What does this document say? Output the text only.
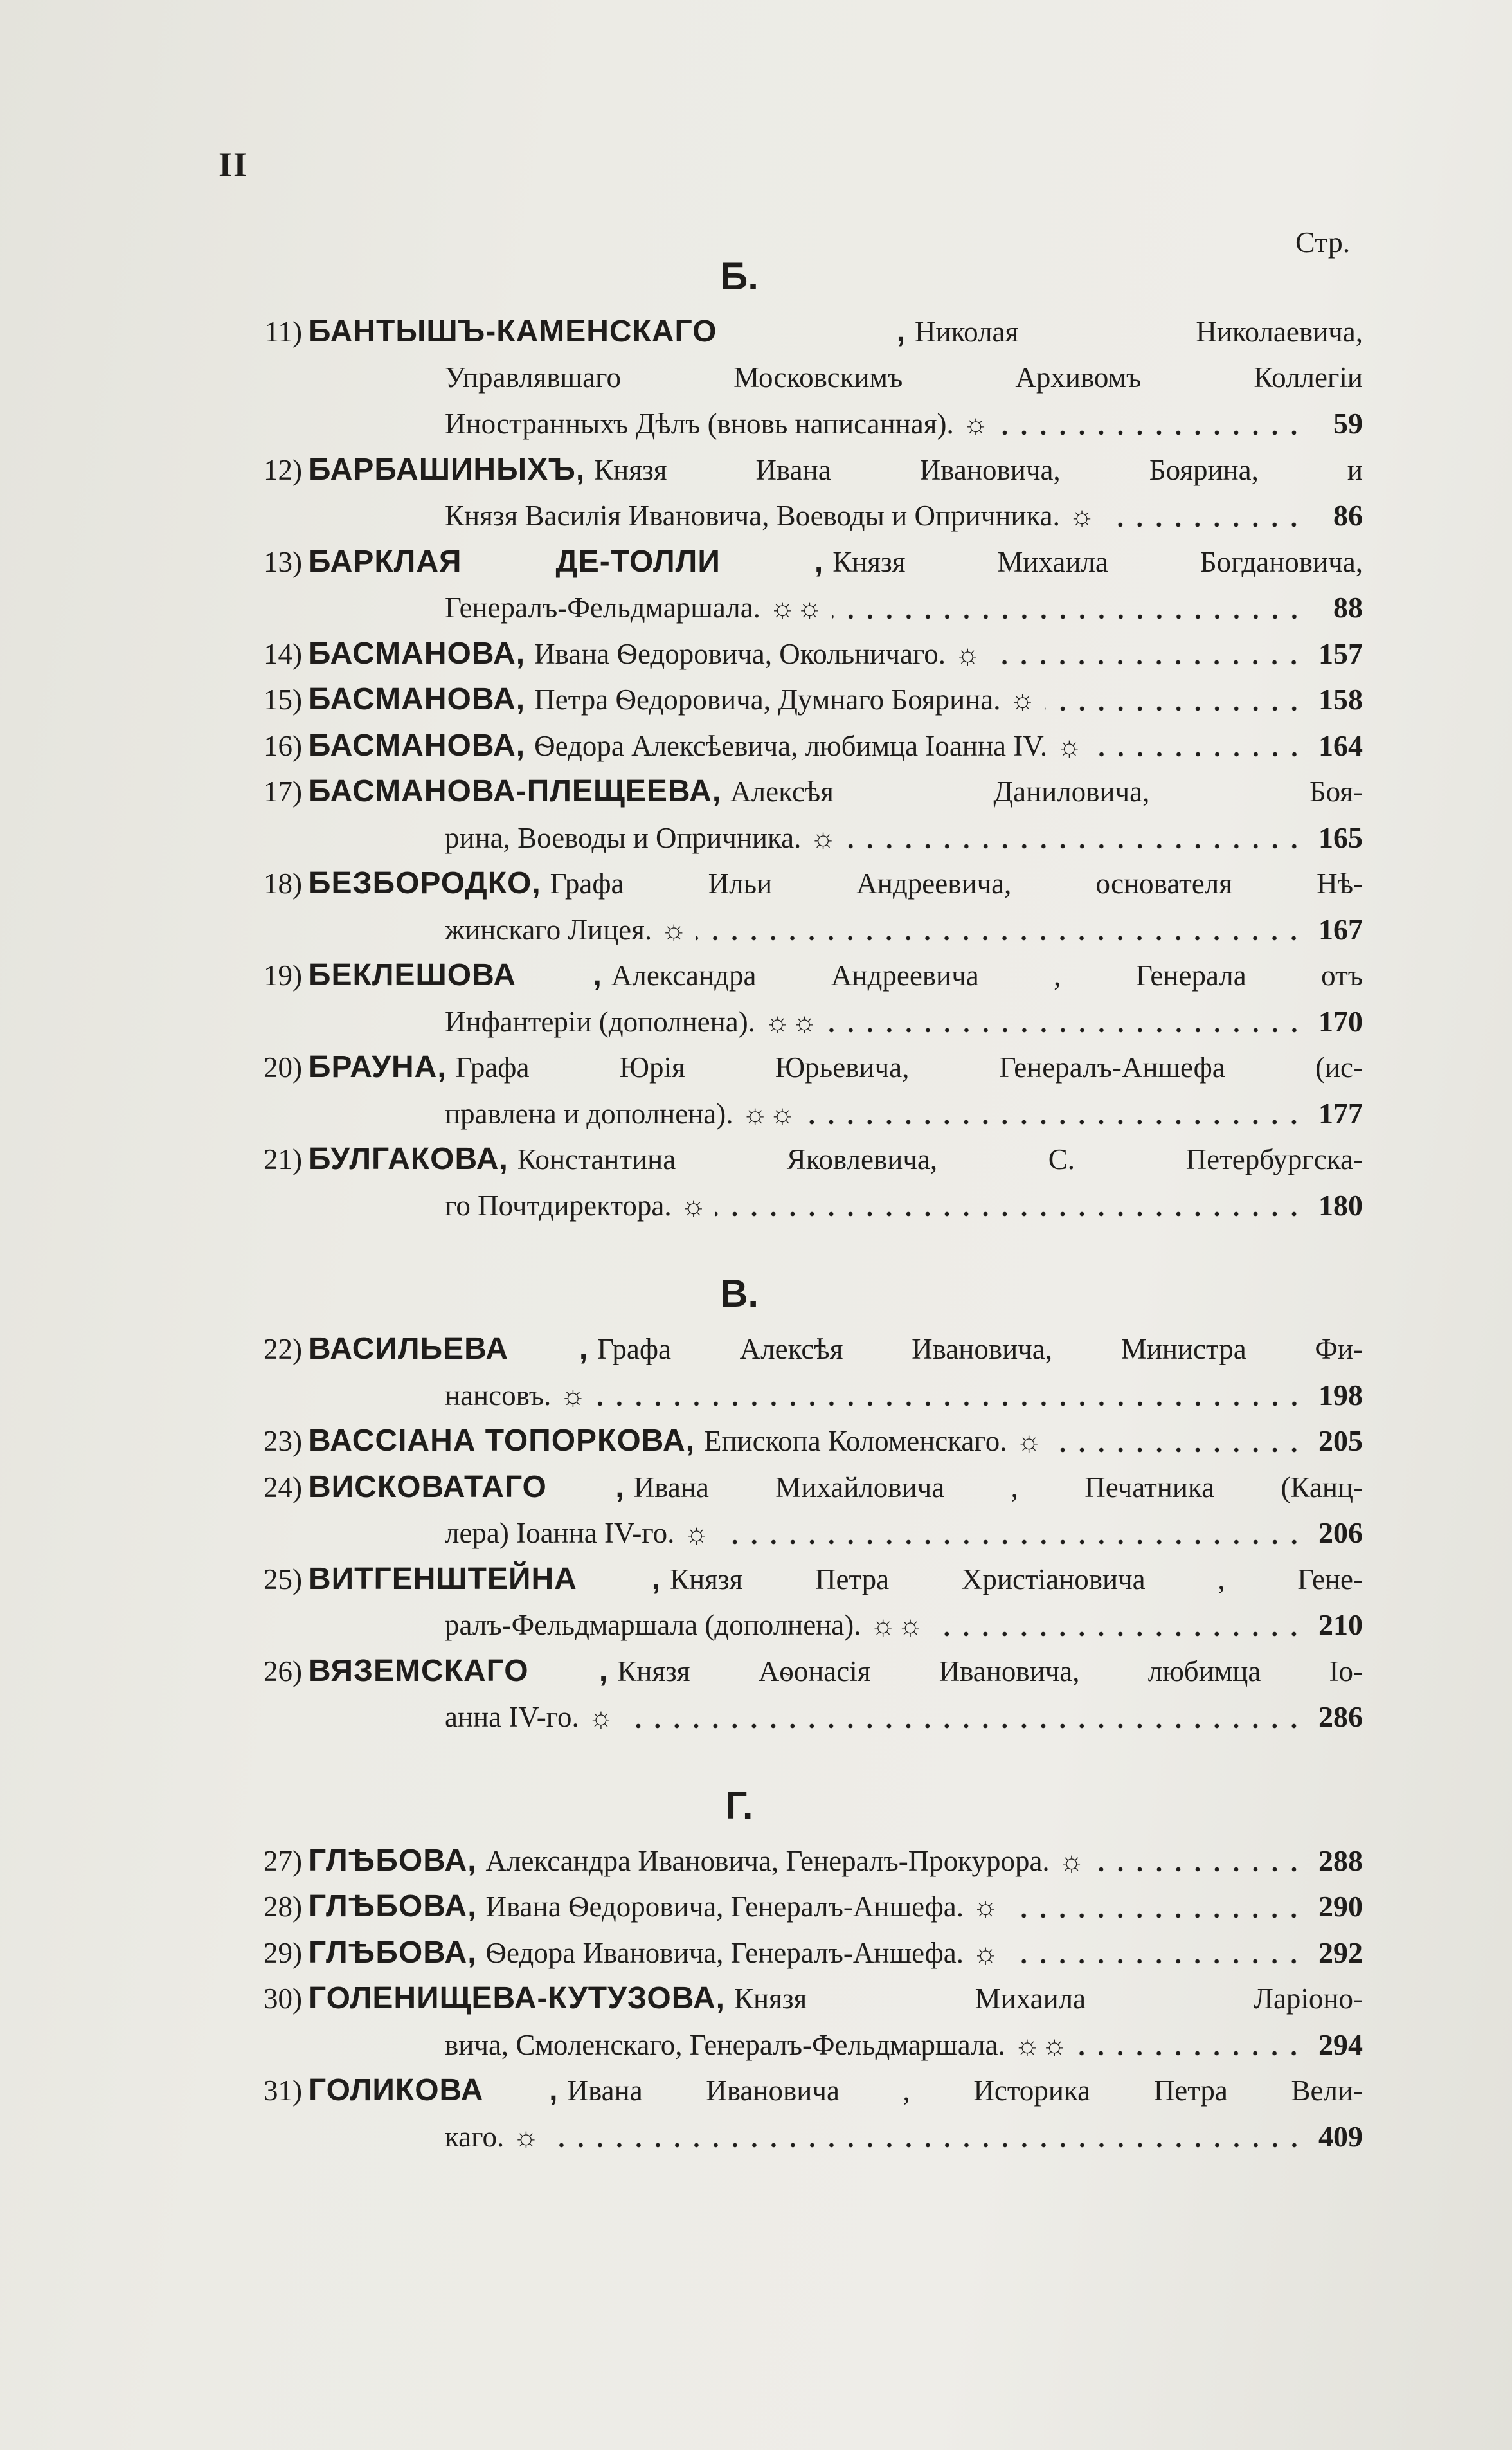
II
Стр.
Б.
11) БАНТЫШЪ-КАМЕНСКАГО , Николая Николаевича,
Управлявшаго Московскимъ Архивомъ Коллегіи
Иностранныхъ Дѣлъ (вновь написанная). ☼	59
12) БАРБАШИНЫХЪ, Князя Ивана Ивановича, Боярина, и
Князя Василія Ивановича, Воеводы и Опричника. ☼	86
13) БАРКЛАЯ ДЕ-ТОЛЛИ , Князя Михаила Богдановича,
Генералъ-Фельдмаршала. ☼☼	88
14) БАСМАНОВА, Ивана Ѳедоровича, Окольничаго. ☼	157
15) БАСМАНОВА, Петра Ѳедоровича, Думнаго Боярина. ☼	158
16) БАСМАНОВА, Ѳедора Алексѣевича, любимца Іоанна IV. ☼	164
17) БАСМАНОВА-ПЛЕЩЕЕВА, Алексѣя Даниловича, Боя-
рина, Воеводы и Опричника. ☼	165
18) БЕЗБОРОДКО, Графа Ильи Андреевича, основателя Нѣ-
жинскаго Лицея. ☼	167
19) БЕКЛЕШОВА , Александра Андреевича , Генерала отъ
Инфантеріи (дополнена). ☼☼	170
20) БРАУНА, Графа Юрія Юрьевича, Генералъ-Аншефа (ис-
правлена и дополнена). ☼☼	177
21) БУЛГАКОВА, Константина Яковлевича, С. Петербургска-
го Почтдиректора. ☼	180
В.
22) ВАСИЛЬЕВА , Графа Алексѣя Ивановича, Министра Фи-
нансовъ. ☼	198
23) ВАССІАНА ТОПОРКОВА, Епископа Коломенскаго. ☼	205
24) ВИСКОВАТАГО , Ивана Михайловича , Печатника (Канц-
лера) Іоанна IV-го. ☼	206
25) ВИТГЕНШТЕЙНА , Князя Петра Христіановича , Гене-
ралъ-Фельдмаршала (дополнена). ☼☼	210
26) ВЯЗЕМСКАГО , Князя Аѳонасія Ивановича, любимца Іо-
анна IV-го. ☼	286
Г.
27) ГЛѢБОВА, Александра Ивановича, Генералъ-Прокурора. ☼	288
28) ГЛѢБОВА, Ивана Ѳедоровича, Генералъ-Аншефа. ☼	290
29) ГЛѢБОВА, Ѳедора Ивановича, Генералъ-Аншефа. ☼	292
30) ГОЛЕНИЩЕВА-КУТУЗОВА, Князя Михаила Ларіоно-
вича, Смоленскаго, Генералъ-Фельдмаршала. ☼☼	294
31) ГОЛИКОВА , Ивана Ивановича , Историка Петра Вели-
каго. ☼	409
